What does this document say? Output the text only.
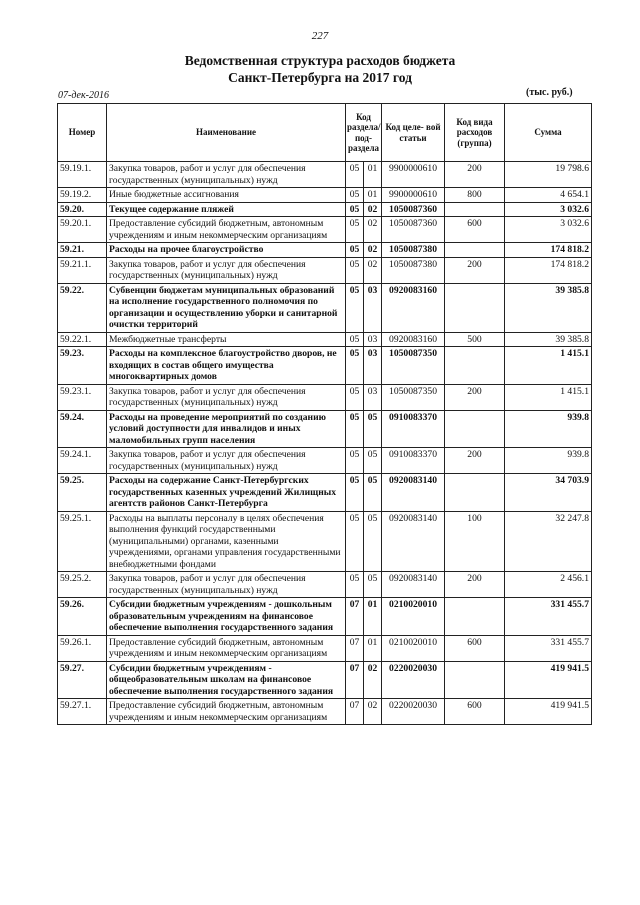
227
Ведомственная структура расходов бюджета
Санкт-Петербурга на 2017 год
07-дек-2016	(тыс. руб.)
Номер	Наименование	Код раздела/ под- раздела		Код целе- вой статьи	Код вида расходов (группа)	Сумма
59.19.1.	Закупка товаров, работ и услуг для обеспечения государственных (муниципальных) нужд	05	01	9900000610	200	19 798.6
59.19.2.	Иные бюджетные ассигнования	05	01	9900000610	800	4 654.1
59.20.	Текущее содержание пляжей	05	02	1050087360		3 032.6
59.20.1.	Предоставление субсидий бюджетным, автономным учреждениям и иным некоммерческим организациям	05	02	1050087360	600	3 032.6
59.21.	Расходы на прочее благоустройство	05	02	1050087380		174 818.2
59.21.1.	Закупка товаров, работ и услуг для обеспечения государственных (муниципальных) нужд	05	02	1050087380	200	174 818.2
59.22.	Субвенции бюджетам муниципальных образований на исполнение государственного полномочия по организации и осуществлению уборки и санитарной очистки территорий	05	03	0920083160		39 385.8
59.22.1.	Межбюджетные трансферты	05	03	0920083160	500	39 385.8
59.23.	Расходы на комплексное благоустройство дворов, не входящих в состав общего имущества многоквартирных домов	05	03	1050087350		1 415.1
59.23.1.	Закупка товаров, работ и услуг для обеспечения государственных (муниципальных) нужд	05	03	1050087350	200	1 415.1
59.24.	Расходы на проведение мероприятий по созданию условий доступности для инвалидов и иных маломобильных групп населения	05	05	0910083370		939.8
59.24.1.	Закупка товаров, работ и услуг для обеспечения государственных (муниципальных) нужд	05	05	0910083370	200	939.8
59.25.	Расходы на содержание Санкт-Петербургских государственных казенных учреждений Жилищных агентств районов Санкт-Петербурга	05	05	0920083140		34 703.9
59.25.1.	Расходы на выплаты персоналу в целях обеспечения выполнения функций государственными (муниципальными) органами, казенными учреждениями, органами управления государственными внебюджетными фондами	05	05	0920083140	100	32 247.8
59.25.2.	Закупка товаров, работ и услуг для обеспечения государственных (муниципальных) нужд	05	05	0920083140	200	2 456.1
59.26.	Субсидии бюджетным учреждениям - дошкольным образовательным учреждениям на финансовое обеспечение выполнения государственного задания	07	01	0210020010		331 455.7
59.26.1.	Предоставление субсидий бюджетным, автономным учреждениям и иным некоммерческим организациям	07	01	0210020010	600	331 455.7
59.27.	Субсидии бюджетным учреждениям - общеобразовательным школам на финансовое обеспечение выполнения государственного задания	07	02	0220020030		419 941.5
59.27.1.	Предоставление субсидий бюджетным, автономным учреждениям и иным некоммерческим организациям	07	02	0220020030	600	419 941.5
